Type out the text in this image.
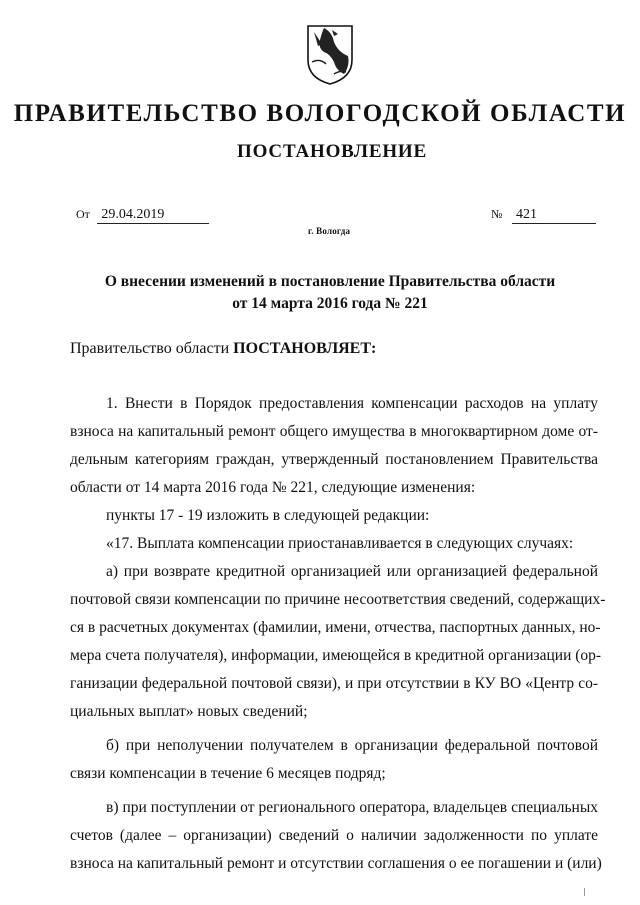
ПРАВИТЕЛЬСТВО ВОЛОГОДСКОЙ ОБЛАСТИ
ПОСТАНОВЛЕНИЕ
От 29.04.2019	№ 421
г. Вологда
О внесении изменений в постановление Правительства области
от 14 марта 2016 года № 221
Правительство области ПОСТАНОВЛЯЕТ:
1. Внести в Порядок предоставления компенсации расходов на уплату
взноса на капитальный ремонт общего имущества в многоквартирном доме от-
дельным категориям граждан, утвержденный постановлением Правительства
области от 14 марта 2016 года № 221, следующие изменения:
пункты 17 - 19 изложить в следующей редакции:
«17. Выплата компенсации приостанавливается в следующих случаях:
а) при возврате кредитной организацией или организацией федеральной
почтовой связи компенсации по причине несоответствия сведений, содержащих-
ся в расчетных документах (фамилии, имени, отчества, паспортных данных, но-
мера счета получателя), информации, имеющейся в кредитной организации (ор-
ганизации федеральной почтовой связи), и при отсутствии в КУ ВО «Центр со-
циальных выплат» новых сведений;
б) при неполучении получателем в организации федеральной почтовой
связи компенсации в течение 6 месяцев подряд;
в) при поступлении от регионального оператора, владельцев специальных
счетов (далее – организации) сведений о наличии задолженности по уплате
взноса на капитальный ремонт и отсутствии соглашения о ее погашении и (или)
